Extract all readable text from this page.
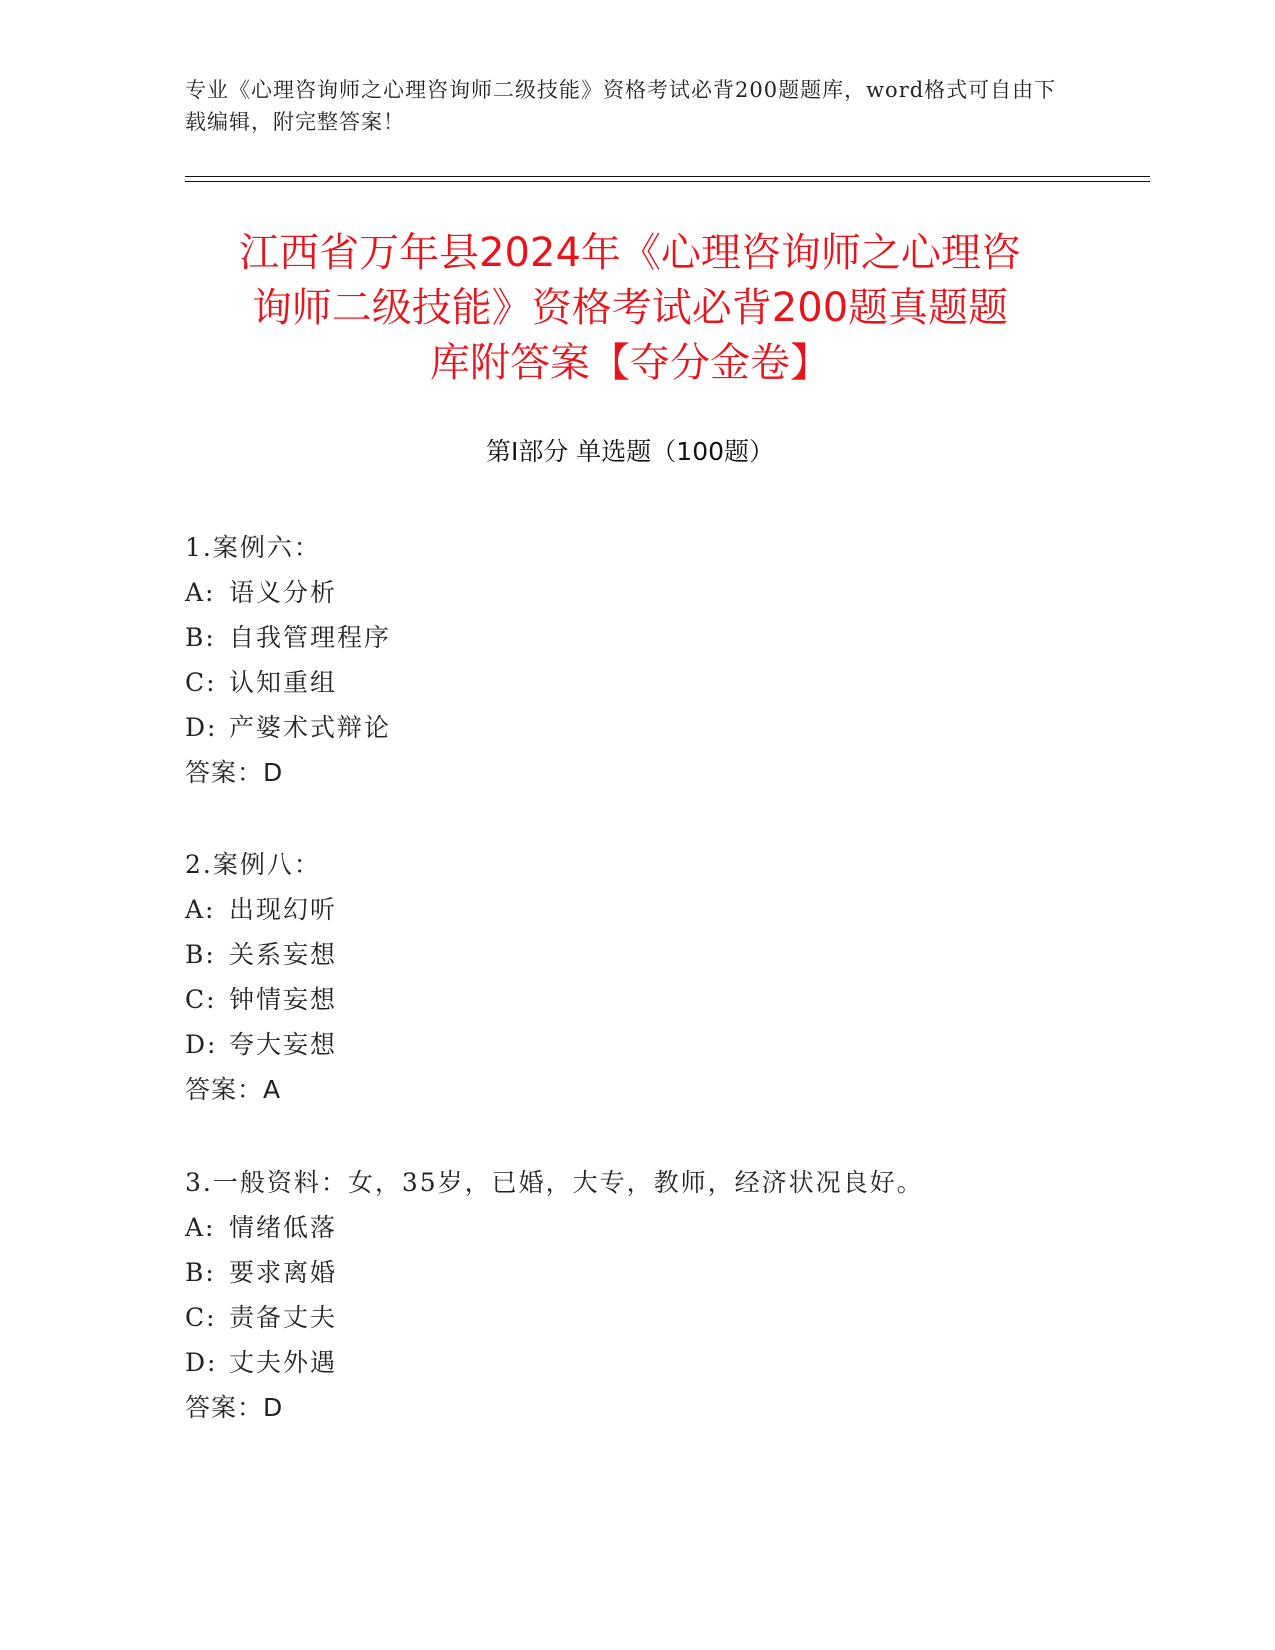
专业《心理咨询师之心理咨询师二级技能》资格考试必背200题题库，word格式可自由下载编辑，附完整答案！
江西省万年县2024年《心理咨询师之心理咨
询师二级技能》资格考试必背200题真题题
库附答案【夺分金卷】
第Ⅰ部分 单选题（100题）
1.案例六：
A: 语义分析
B: 自我管理程序
C: 认知重组
D: 产婆术式辩论
答案：D
2.案例八：
A: 出现幻听
B: 关系妄想
C: 钟情妄想
D: 夸大妄想
答案：A
3.一般资料：女，35岁，已婚，大专，教师，经济状况良好。
A: 情绪低落
B: 要求离婚
C: 责备丈夫
D: 丈夫外遇
答案：D
